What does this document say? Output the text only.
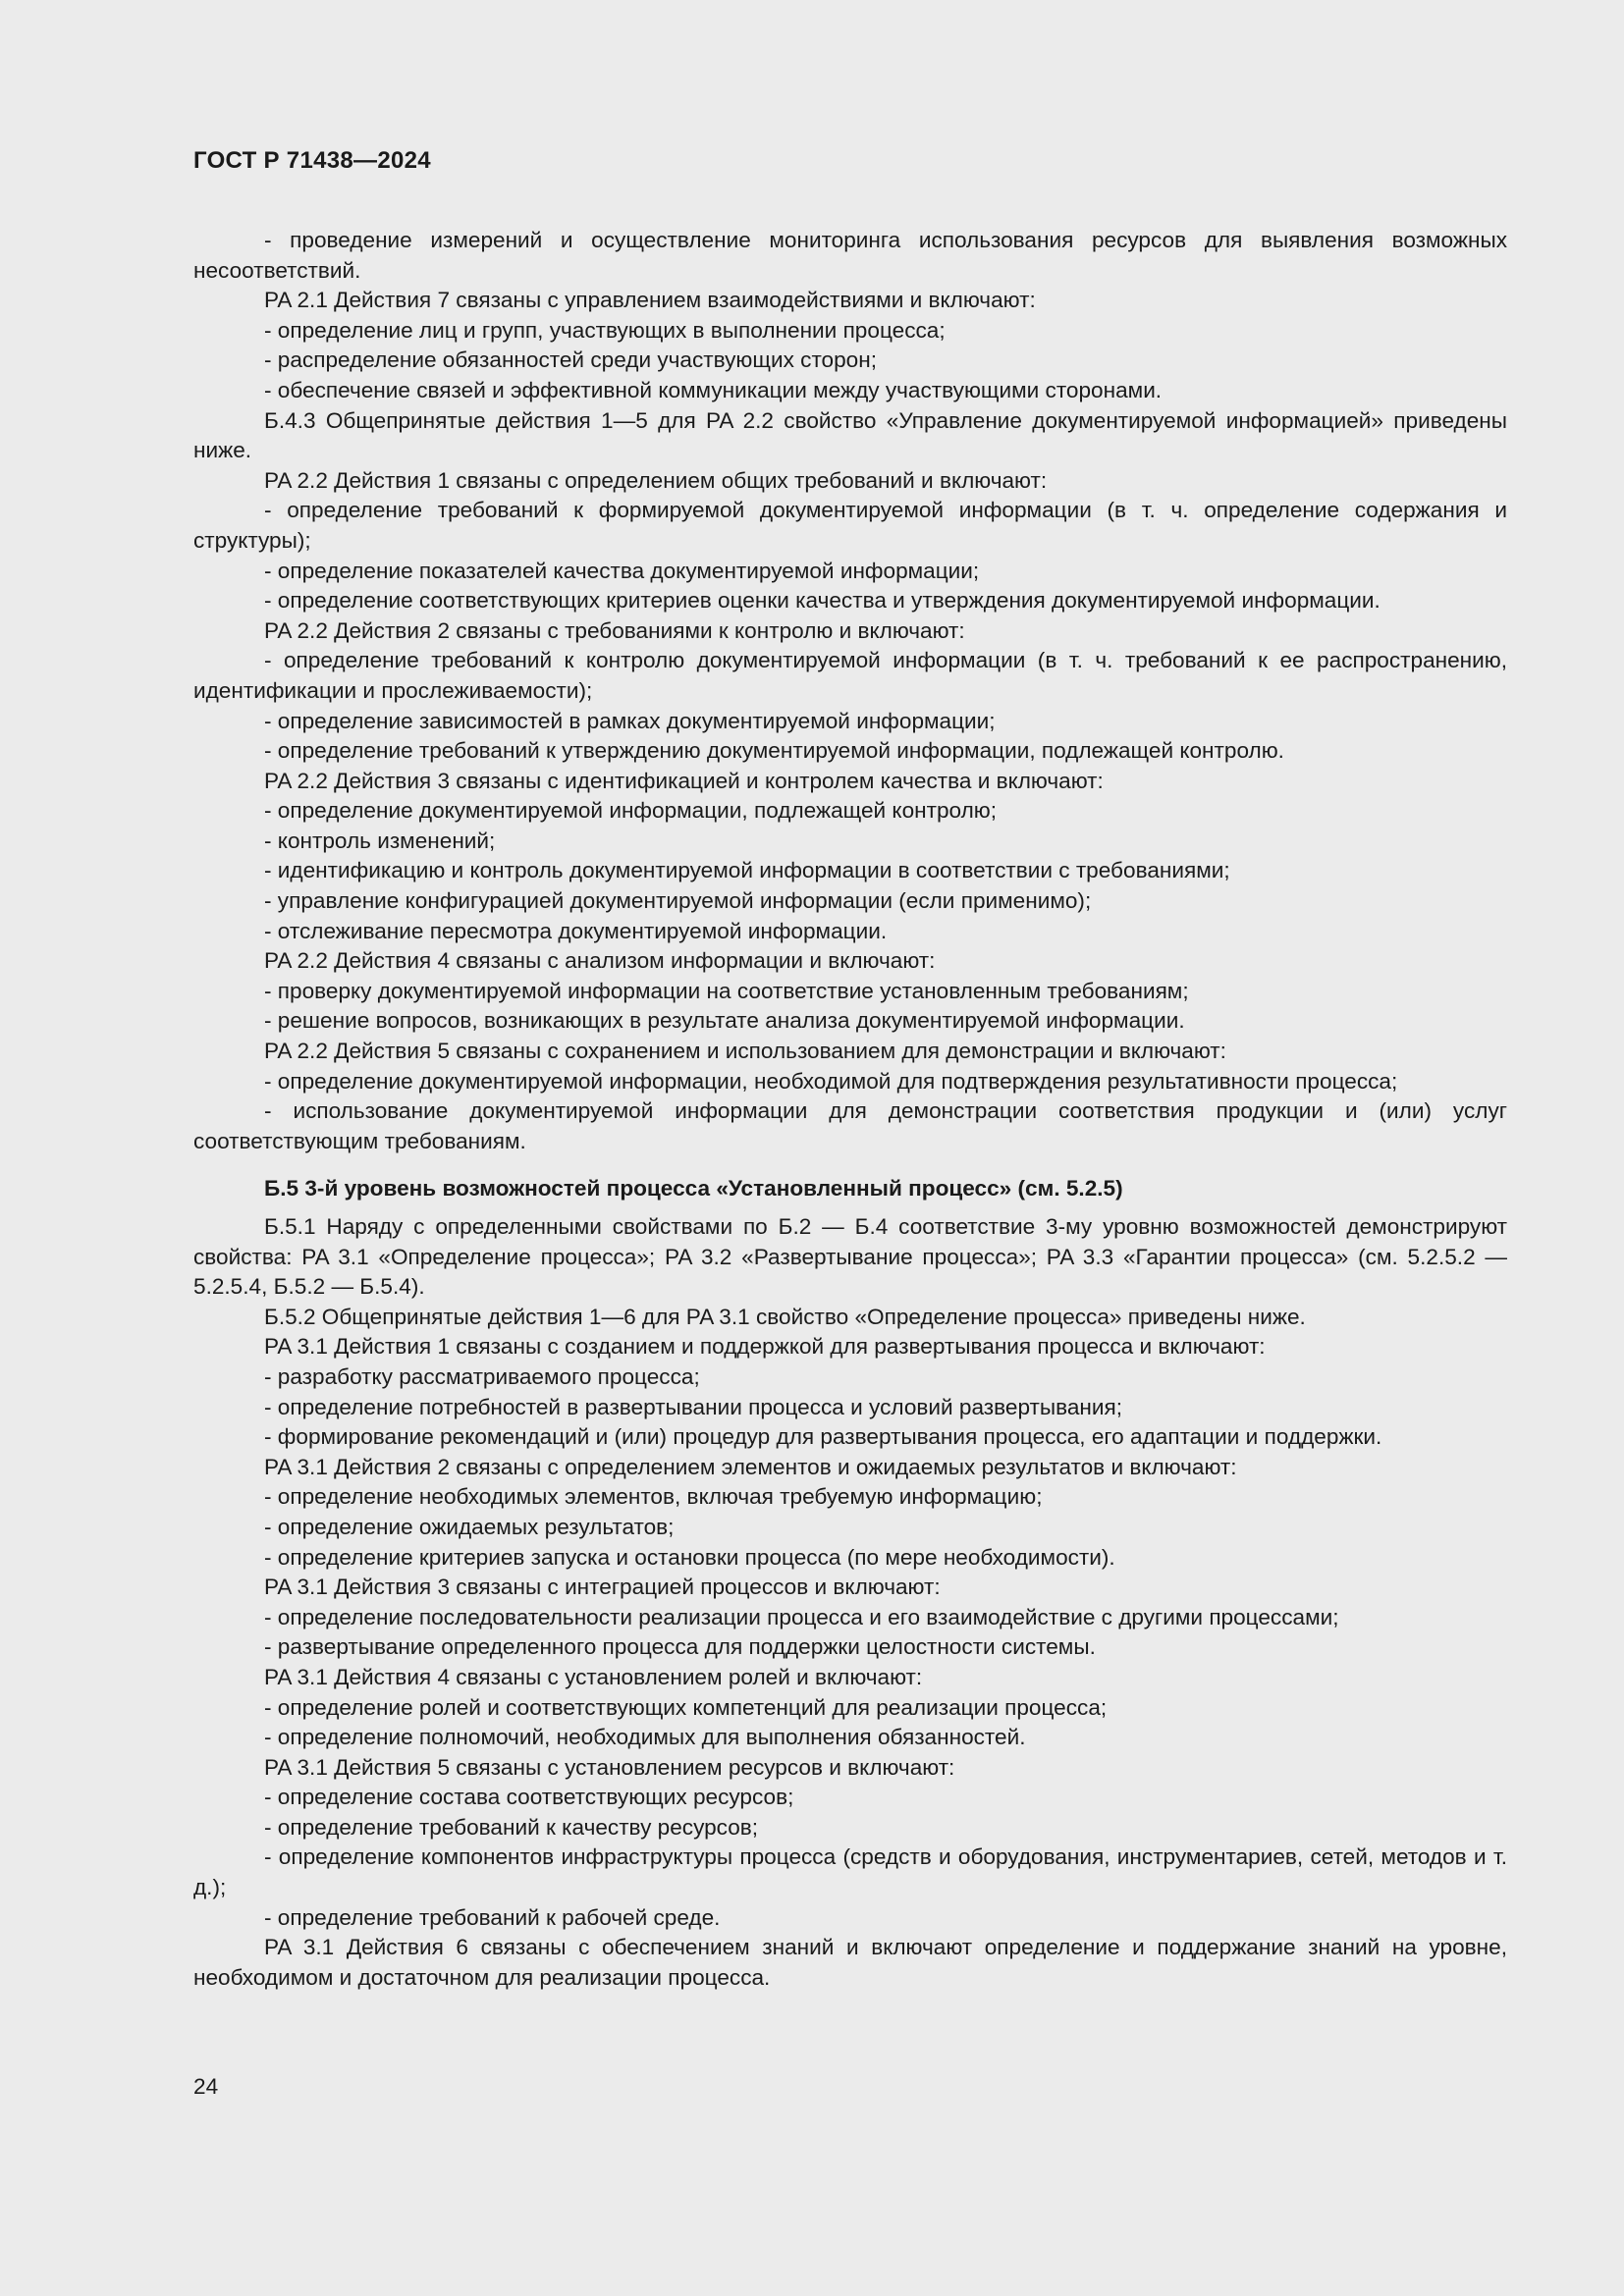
ГОСТ Р 71438—2024

- проведение измерений и осуществление мониторинга использования ресурсов для выявления возможных несоответствий.

PA 2.1 Действия 7 связаны с управлением взаимодействиями и включают:

- определение лиц и групп, участвующих в выполнении процесса;

- распределение обязанностей среди участвующих сторон;

- обеспечение связей и эффективной коммуникации между участвующими сторонами.

Б.4.3 Общепринятые действия 1—5 для PA 2.2 свойство «Управление документируемой информацией» приведены ниже.

PA 2.2 Действия 1 связаны с определением общих требований и включают:

- определение требований к формируемой документируемой информации (в т. ч. определение содержания и структуры);

- определение показателей качества документируемой информации;

- определение соответствующих критериев оценки качества и утверждения документируемой информации.

PA 2.2 Действия 2 связаны с требованиями к контролю и включают:

- определение требований к контролю документируемой информации (в т. ч. требований к ее распространению, идентификации и прослеживаемости);

- определение зависимостей в рамках документируемой информации;

- определение требований к утверждению документируемой информации, подлежащей контролю.

PA 2.2 Действия 3 связаны с идентификацией и контролем качества и включают:

- определение документируемой информации, подлежащей контролю;

- контроль изменений;

- идентификацию и контроль документируемой информации в соответствии с требованиями;

- управление конфигурацией документируемой информации (если применимо);

- отслеживание пересмотра документируемой информации.

PA 2.2 Действия 4 связаны с анализом информации и включают:

- проверку документируемой информации на соответствие установленным требованиям;

- решение вопросов, возникающих в результате анализа документируемой информации.

PA 2.2 Действия 5 связаны с сохранением и использованием для демонстрации и включают:

- определение документируемой информации, необходимой для подтверждения результативности процесса;

- использование документируемой информации для демонстрации соответствия продукции и (или) услуг соответствующим требованиям.

Б.5 3-й уровень возможностей процесса «Установленный процесс» (см. 5.2.5)

Б.5.1 Наряду с определенными свойствами по Б.2 — Б.4 соответствие 3-му уровню возможностей демонстрируют свойства: PA 3.1 «Определение процесса»; PA 3.2 «Развертывание процесса»; PA 3.3 «Гарантии процесса» (см. 5.2.5.2 — 5.2.5.4, Б.5.2 — Б.5.4).

Б.5.2 Общепринятые действия 1—6 для PA 3.1 свойство «Определение процесса» приведены ниже.

PA 3.1 Действия 1 связаны с созданием и поддержкой для развертывания процесса и включают:

- разработку рассматриваемого процесса;

- определение потребностей в развертывании процесса и условий развертывания;

- формирование рекомендаций и (или) процедур для развертывания процесса, его адаптации и поддержки.

PA 3.1 Действия 2 связаны с определением элементов и ожидаемых результатов и включают:

- определение необходимых элементов, включая требуемую информацию;

- определение ожидаемых результатов;

- определение критериев запуска и остановки процесса (по мере необходимости).

PA 3.1 Действия 3 связаны с интеграцией процессов и включают:

- определение последовательности реализации процесса и его взаимодействие с другими процессами;

- развертывание определенного процесса для поддержки целостности системы.

PA 3.1 Действия 4 связаны с установлением ролей и включают:

- определение ролей и соответствующих компетенций для реализации процесса;

- определение полномочий, необходимых для выполнения обязанностей.

PA 3.1 Действия 5 связаны с установлением ресурсов и включают:

- определение состава соответствующих ресурсов;

- определение требований к качеству ресурсов;

- определение компонентов инфраструктуры процесса (средств и оборудования, инструментариев, сетей, методов и т. д.);

- определение требований к рабочей среде.

PA 3.1 Действия 6 связаны с обеспечением знаний и включают определение и поддержание знаний на уровне, необходимом и достаточном для реализации процесса.

24
